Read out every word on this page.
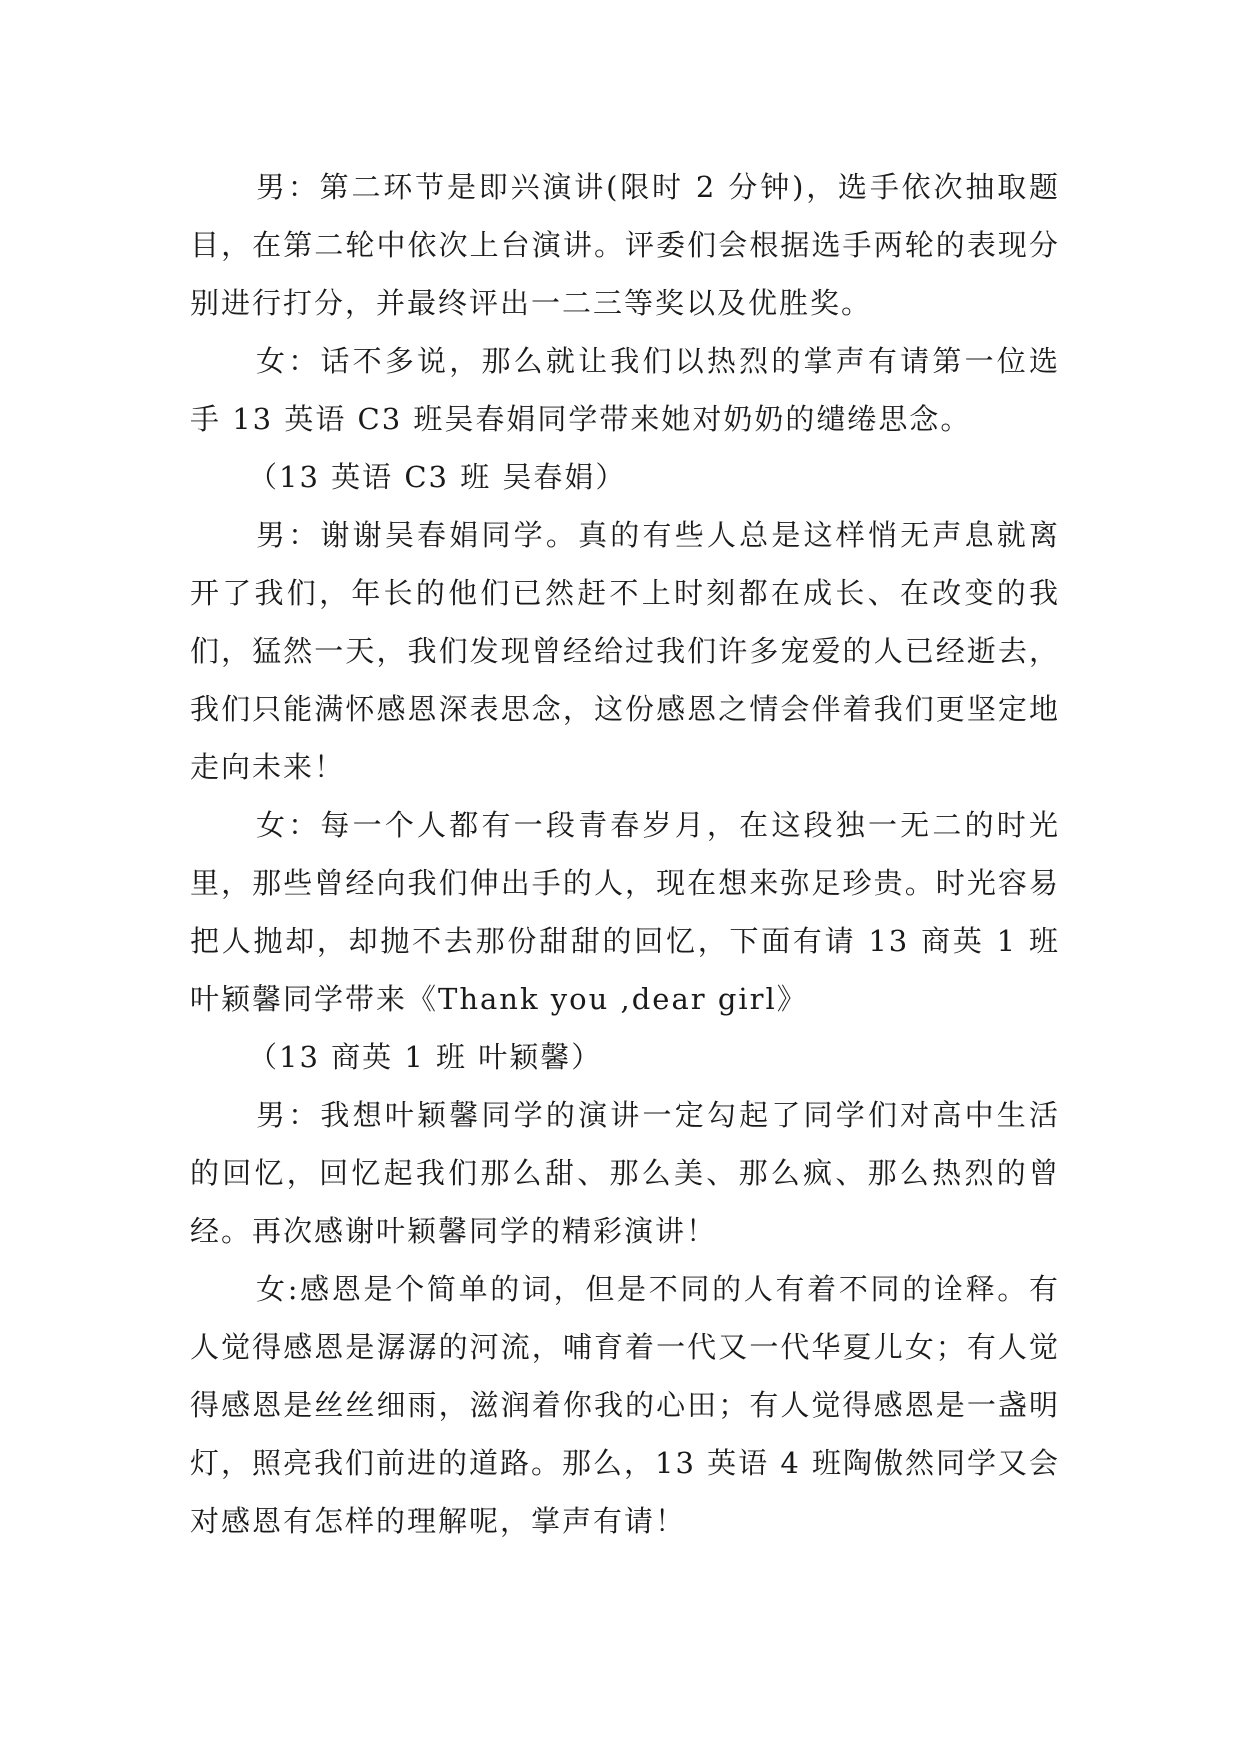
男：第二环节是即兴演讲(限时 2 分钟)，选手依次抽取题目，在第二轮中依次上台演讲。评委们会根据选手两轮的表现分别进行打分，并最终评出一二三等奖以及优胜奖。

女：话不多说，那么就让我们以热烈的掌声有请第一位选手 13 英语 C3 班吴春娟同学带来她对奶奶的缱绻思念。

（13 英语 C3 班 吴春娟）

男：谢谢吴春娟同学。真的有些人总是这样悄无声息就离开了我们，年长的他们已然赶不上时刻都在成长、在改变的我们，猛然一天，我们发现曾经给过我们许多宠爱的人已经逝去，我们只能满怀感恩深表思念，这份感恩之情会伴着我们更坚定地走向未来！

女：每一个人都有一段青春岁月，在这段独一无二的时光里，那些曾经向我们伸出手的人，现在想来弥足珍贵。时光容易把人抛却，却抛不去那份甜甜的回忆，下面有请 13 商英 1 班叶颖馨同学带来《Thank you ,dear girl》

（13 商英 1 班 叶颖馨）

男：我想叶颖馨同学的演讲一定勾起了同学们对高中生活的回忆，回忆起我们那么甜、那么美、那么疯、那么热烈的曾经。再次感谢叶颖馨同学的精彩演讲！

女:感恩是个简单的词，但是不同的人有着不同的诠释。有人觉得感恩是潺潺的河流，哺育着一代又一代华夏儿女；有人觉得感恩是丝丝细雨，滋润着你我的心田；有人觉得感恩是一盏明灯，照亮我们前进的道路。那么，13 英语 4 班陶傲然同学又会对感恩有怎样的理解呢，掌声有请！
